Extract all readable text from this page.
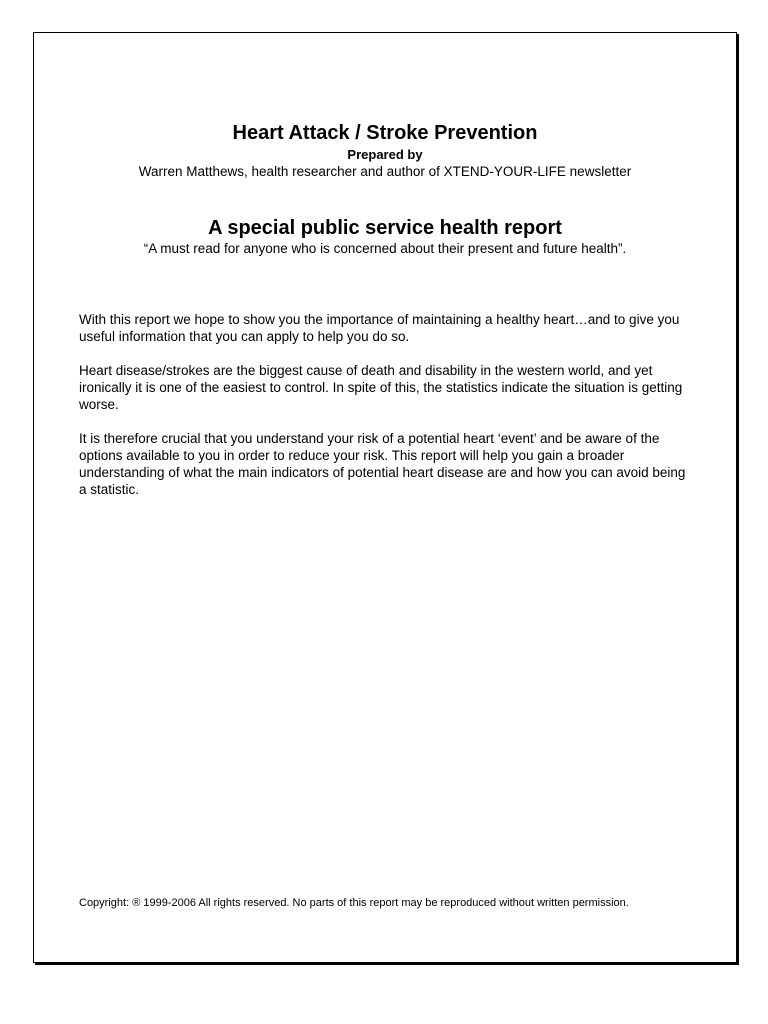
Heart Attack / Stroke Prevention
Prepared by
Warren Matthews, health researcher and author of XTEND-YOUR-LIFE newsletter
A special public service health report
“A must read for anyone who is concerned about their present and future health”.

With this report we hope to show you the importance of maintaining a healthy heart…and to give you useful information that you can apply to help you do so.

Heart disease/strokes are the biggest cause of death and disability in the western world, and yet ironically it is one of the easiest to control. In spite of this, the statistics indicate the situation is getting worse.

It is therefore crucial that you understand your risk of a potential heart ‘event’ and be aware of the options available to you in order to reduce your risk. This report will help you gain a broader understanding of what the main indicators of potential heart disease are and how you can avoid being a statistic.

Copyright: ® 1999-2006 All rights reserved. No parts of this report may be reproduced without written permission.
